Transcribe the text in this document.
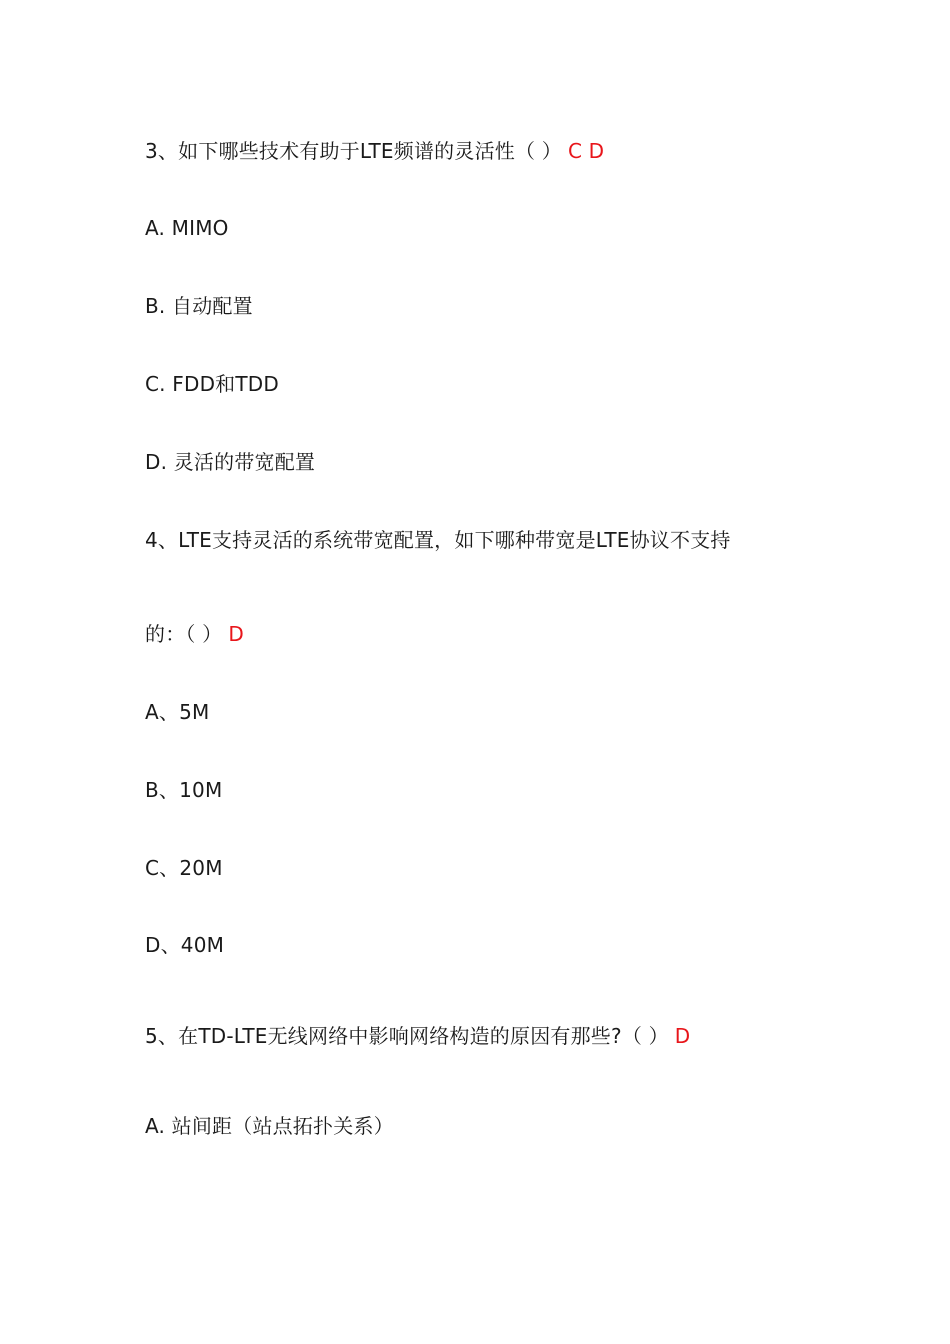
3、如下哪些技术有助于LTE频谱的灵活性（ ） C D
A. MIMO
B. 自动配置
C. FDD和TDD
D. 灵活的带宽配置
4、LTE支持灵活的系统带宽配置，如下哪种带宽是LTE协议不支持
的：（ ） D
A、5M
B、10M
C、20M
D、40M
5、在TD-LTE无线网络中影响网络构造的原因有那些?（ ） D
A. 站间距（站点拓扑关系）
